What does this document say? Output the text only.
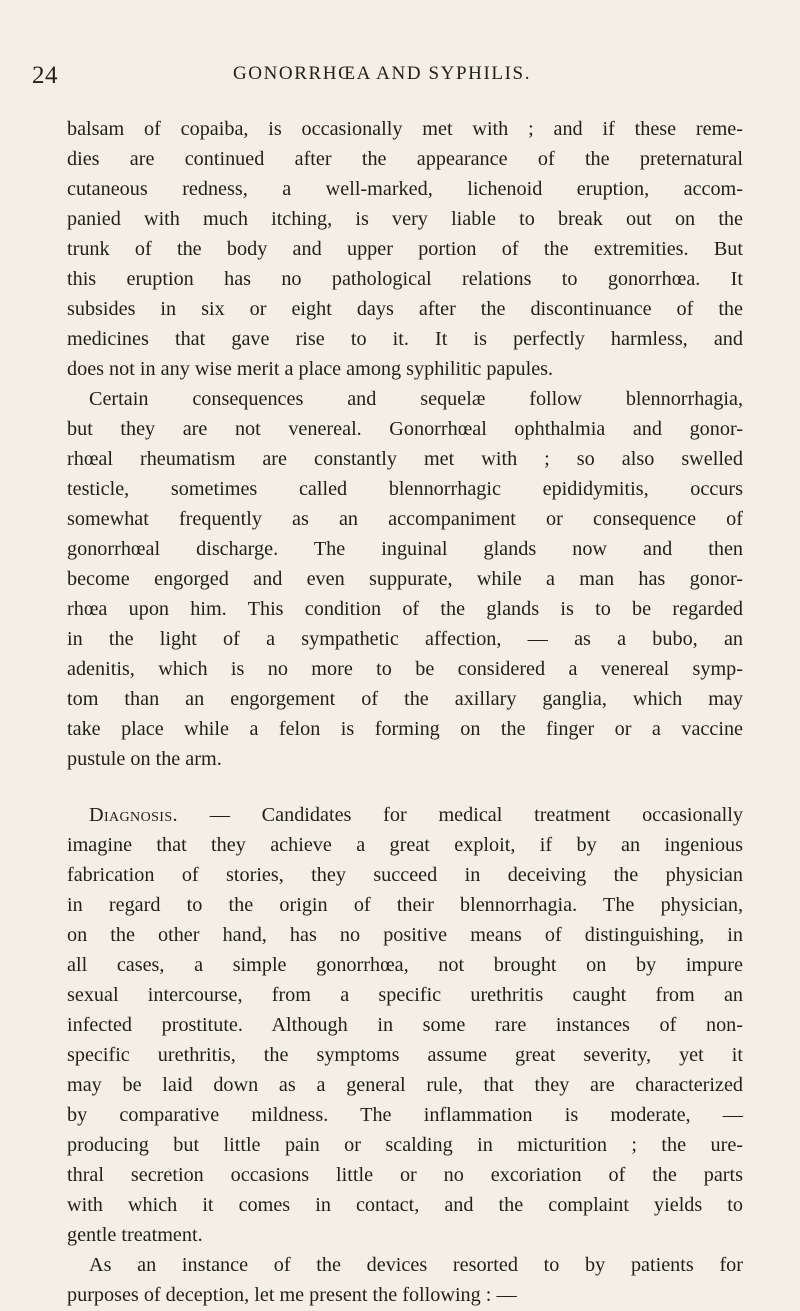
24	GONORRHŒA AND SYPHILIS.
balsam of copaiba, is occasionally met with ; and if these reme-
dies are continued after the appearance of the preternatural
cutaneous redness, a well-marked, lichenoid eruption, accom-
panied with much itching, is very liable to break out on the
trunk of the body and upper portion of the extremities. But
this eruption has no pathological relations to gonorrhœa. It
subsides in six or eight days after the discontinuance of the
medicines that gave rise to it. It is perfectly harmless, and
does not in any wise merit a place among syphilitic papules.
Certain consequences and sequelæ follow blennorrhagia,
but they are not venereal. Gonorrhœal ophthalmia and gonor-
rhœal rheumatism are constantly met with ; so also swelled
testicle, sometimes called blennorrhagic epididymitis, occurs
somewhat frequently as an accompaniment or consequence of
gonorrhœal discharge. The inguinal glands now and then
become engorged and even suppurate, while a man has gonor-
rhœa upon him. This condition of the glands is to be regarded
in the light of a sympathetic affection, — as a bubo, an
adenitis, which is no more to be considered a venereal symp-
tom than an engorgement of the axillary ganglia, which may
take place while a felon is forming on the finger or a vaccine
pustule on the arm.
Diagnosis. — Candidates for medical treatment occasionally
imagine that they achieve a great exploit, if by an ingenious
fabrication of stories, they succeed in deceiving the physician
in regard to the origin of their blennorrhagia. The physician,
on the other hand, has no positive means of distinguishing, in
all cases, a simple gonorrhœa, not brought on by impure
sexual intercourse, from a specific urethritis caught from an
infected prostitute. Although in some rare instances of non-
specific urethritis, the symptoms assume great severity, yet it
may be laid down as a general rule, that they are characterized
by comparative mildness. The inflammation is moderate, —
producing but little pain or scalding in micturition ; the ure-
thral secretion occasions little or no excoriation of the parts
with which it comes in contact, and the complaint yields to
gentle treatment.
As an instance of the devices resorted to by patients for
purposes of deception, let me present the following : —
